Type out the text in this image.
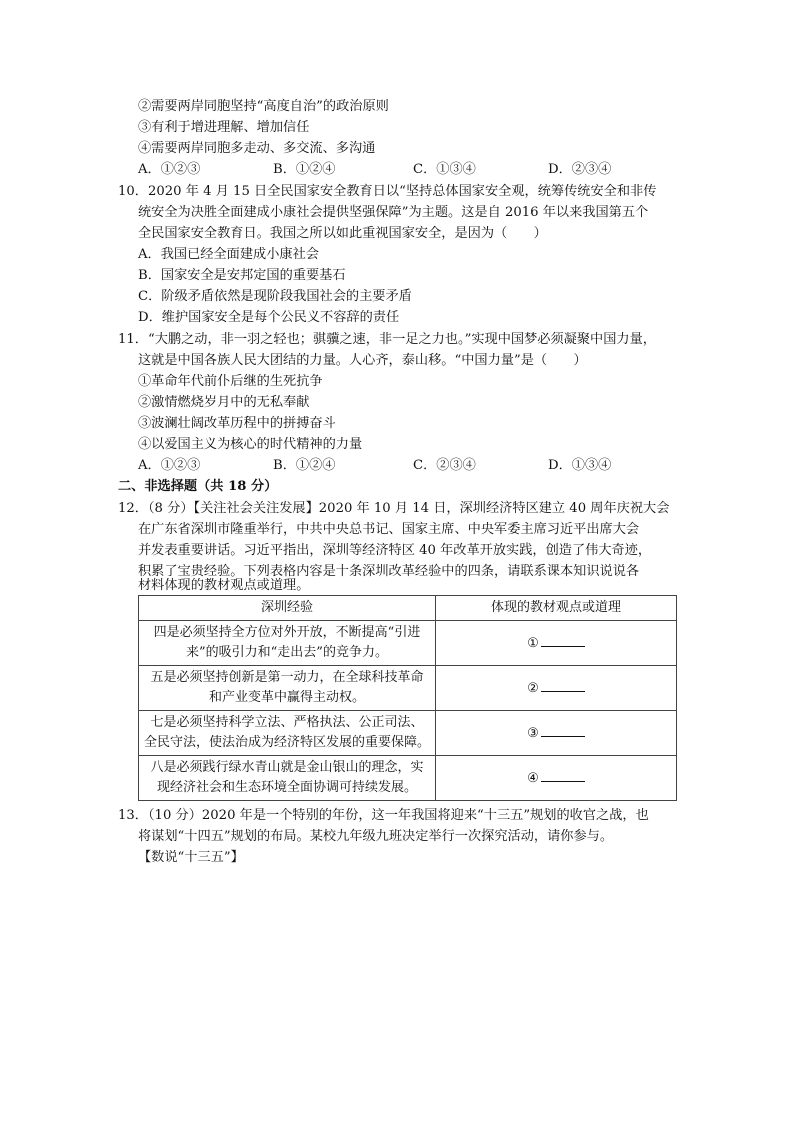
②需要两岸同胞坚持“高度自治”的政治原则
③有利于增进理解、增加信任
④需要两岸同胞多走动、多交流、多沟通
A．①②③	B．①②④	C．①③④	D．②③④
10．2020 年 4 月 15 日全民国家安全教育日以“坚持总体国家安全观，统筹传统安全和非传
统安全为决胜全面建成小康社会提供坚强保障”为主题。这是自 2016 年以来我国第五个
全民国家安全教育日。我国之所以如此重视国家安全，是因为（　　）
A．我国已经全面建成小康社会
B．国家安全是安邦定国的重要基石
C．阶级矛盾依然是现阶段我国社会的主要矛盾
D．维护国家安全是每个公民义不容辞的责任
11．“大鹏之动，非一羽之轻也；骐骥之速，非一足之力也。”实现中国梦必须凝聚中国力量，
这就是中国各族人民大团结的力量。人心齐，泰山移。“中国力量”是（　　）
①革命年代前仆后继的生死抗争
②激情燃烧岁月中的无私奉献
③波澜壮阔改革历程中的拼搏奋斗
④以爱国主义为核心的时代精神的力量
A．①②③	B．①②④	C．②③④	D．①③④
二、非选择题（共 18 分）
12．（8 分）【关注社会关注发展】2020 年 10 月 14 日，深圳经济特区建立 40 周年庆祝大会
在广东省深圳市隆重举行，中共中央总书记、国家主席、中央军委主席习近平出席大会
并发表重要讲话。习近平指出，深圳等经济特区 40 年改革开放实践，创造了伟大奇迹，
积累了宝贵经验。下列表格内容是十条深圳改革经验中的四条，请联系课本知识说说各
材料体现的教材观点或道理。
深圳经验	体现的教材观点或道理

四是必须坚持全方位对外开放，不断提高“引进
来”的吸引力和“走出去”的竞争力。	①

五是必须坚持创新是第一动力，在全球科技革命
和产业变革中赢得主动权。	②

七是必须坚持科学立法、严格执法、公正司法、
全民守法，使法治成为经济特区发展的重要保障。	③

八是必须践行绿水青山就是金山银山的理念，实
现经济社会和生态环境全面协调可持续发展。	④
13．（10 分）2020 年是一个特别的年份，这一年我国将迎来“十三五”规划的收官之战，也
将谋划“十四五”规划的布局。某校九年级九班决定举行一次探究活动，请你参与。
【数说“十三五”】
